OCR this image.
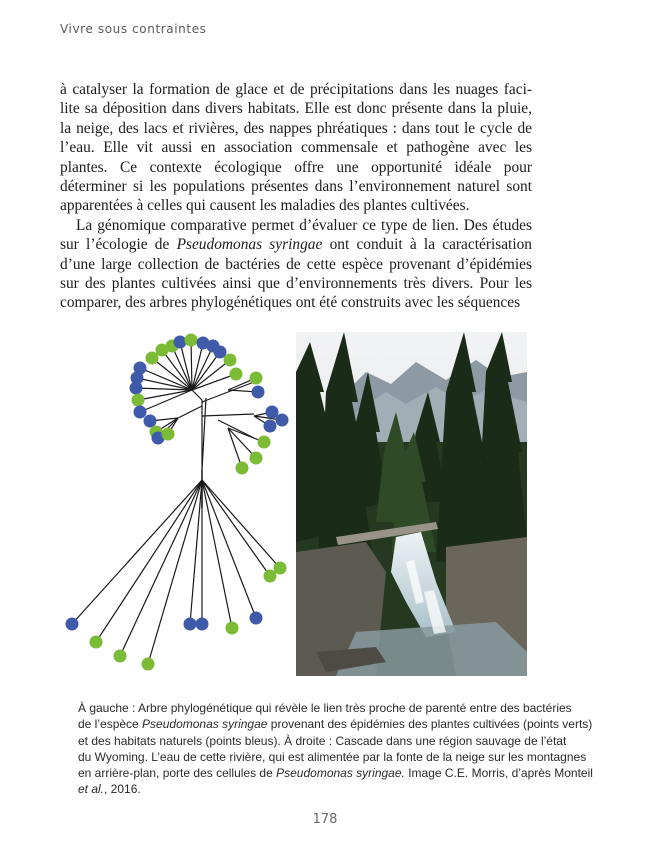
Vivre sous contraintes

à catalyser la formation de glace et de précipitations dans les nuages faci- lite sa déposition dans divers habitats. Elle est donc présente dans la pluie, la neige, des lacs et rivières, des nappes phréatiques : dans tout le cycle de l’eau. Elle vit aussi en association commensale et pathogène avec les plantes. Ce contexte écologique offre une opportunité idéale pour déterminer si les populations présentes dans l’environnement naturel sont apparentées à celles qui causent les maladies des plantes cultivées.

La génomique comparative permet d’évaluer ce type de lien. Des études sur l’écologie de Pseudomonas syringae ont conduit à la caractérisation d’une large collection de bactéries de cette espèce provenant d’épidémies sur des plantes cultivées ainsi que d’environnements très divers. Pour les comparer, des arbres phylogénétiques ont été construits avec les séquences

À gauche : Arbre phylogénétique qui révèle le lien très proche de parenté entre des bactéries
de l’espèce Pseudomonas syringae provenant des épidémies des plantes cultivées (points verts)
et des habitats naturels (points bleus). À droite : Cascade dans une région sauvage de l’état
du Wyoming. L’eau de cette rivière, qui est alimentée par la fonte de la neige sur les montagnes
en arrière-plan, porte des cellules de Pseudomonas syringae. Image C.E. Morris, d’après Monteil
et al., 2016.
178
